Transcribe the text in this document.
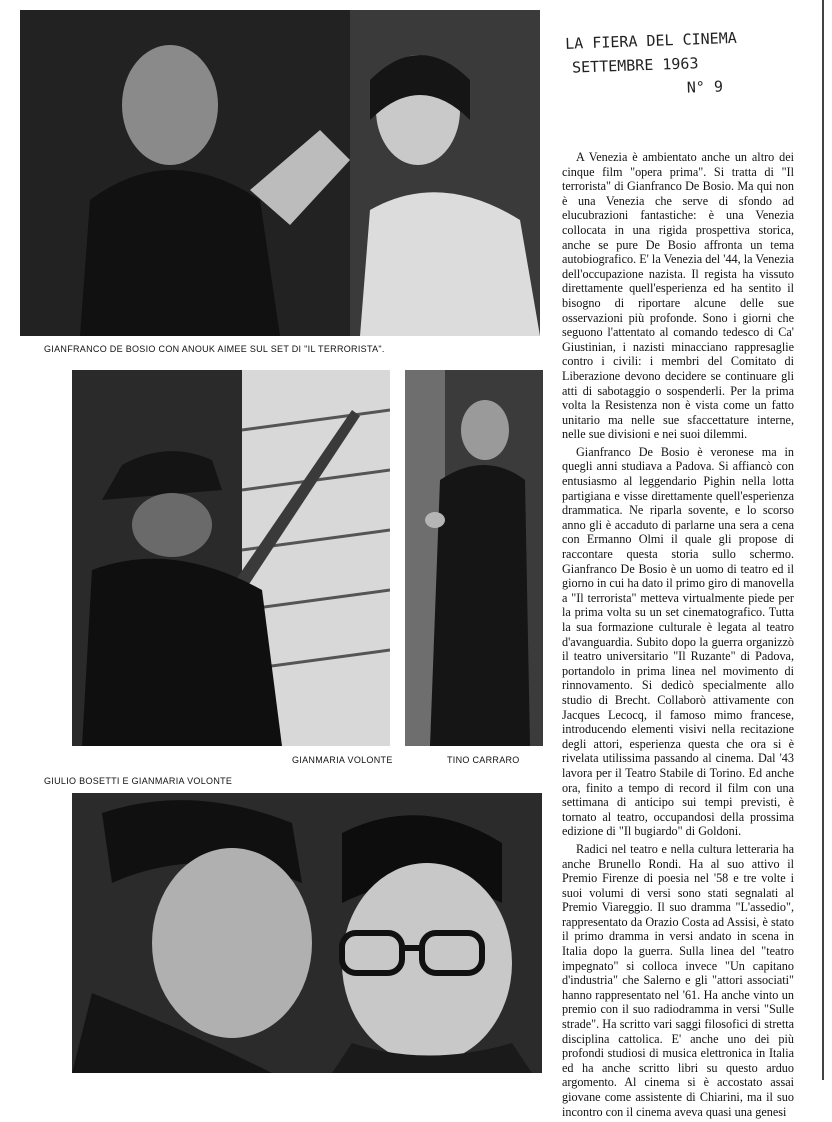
LA FIERA DEL CINEMA
SETTEMBRE 1963
N° 9
GIANFRANCO DE BOSIO CON ANOUK AIMEE SUL SET DI "IL TERRORISTA".
GIANMARIA VOLONTE	TINO CARRARO
GIULIO BOSETTI E GIANMARIA VOLONTE

A Venezia è ambientato anche un altro dei cinque film "opera prima". Si tratta di "Il terrorista" di Gianfranco De Bosio. Ma qui non è una Venezia che serve di sfondo ad elucubrazioni fantastiche: è una Venezia collocata in una rigida prospettiva storica, anche se pure De Bosio affronta un tema autobiografico. E' la Venezia del '44, la Venezia dell'occupazione nazista. Il regista ha vissuto direttamente quell'esperienza ed ha sentito il bisogno di riportare alcune delle sue osservazioni più profonde. Sono i giorni che seguono l'attentato al comando tedesco di Ca' Giustinian, i nazisti minacciano rappresaglie contro i civili: i membri del Comitato di Liberazione devono decidere se continuare gli atti di sabotaggio o sospenderli. Per la prima volta la Resistenza non è vista come un fatto unitario ma nelle sue sfaccettature interne, nelle sue divisioni e nei suoi dilemmi.

Gianfranco De Bosio è veronese ma in quegli anni studiava a Padova. Si affiancò con entusiasmo al leggendario Pighin nella lotta partigiana e visse direttamente quell'esperienza drammatica. Ne riparla sovente, e lo scorso anno gli è accaduto di parlarne una sera a cena con Ermanno Olmi il quale gli propose di raccontare questa storia sullo schermo. Gianfranco De Bosio è un uomo di teatro ed il giorno in cui ha dato il primo giro di manovella a "Il terrorista" metteva virtualmente piede per la prima volta su un set cinematografico. Tutta la sua formazione culturale è legata al teatro d'avanguardia. Subito dopo la guerra organizzò il teatro universitario "Il Ruzante" di Padova, portandolo in prima linea nel movimento di rinnovamento. Si dedicò specialmente allo studio di Brecht. Collaborò attivamente con Jacques Lecocq, il famoso mimo francese, introducendo elementi visivi nella recitazione degli attori, esperienza questa che ora si è rivelata utilissima passando al cinema. Dal '43 lavora per il Teatro Stabile di Torino. Ed anche ora, finito a tempo di record il film con una settimana di anticipo sui tempi previsti, è tornato al teatro, occupandosi della prossima edizione di "Il bugiardo" di Goldoni.

Radici nel teatro e nella cultura letteraria ha anche Brunello Rondi. Ha al suo attivo il Premio Firenze di poesia nel '58 e tre volte i suoi volumi di versi sono stati segnalati al Premio Viareggio. Il suo dramma "L'assedio", rappresentato da Orazio Costa ad Assisi, è stato il primo dramma in versi andato in scena in Italia dopo la guerra. Sulla linea del "teatro impegnato" si colloca invece "Un capitano d'industria" che Salerno e gli "attori associati" hanno rappresentato nel '61. Ha anche vinto un premio con il suo radiodramma in versi "Sulle strade". Ha scritto vari saggi filosofici di stretta disciplina cattolica. E' anche uno dei più profondi studiosi di musica elettronica in Italia ed ha anche scritto libri su questo arduo argomento. Al cinema si è accostato assai giovane come assistente di Chiarini, ma il suo incontro con il cinema aveva quasi una genesi
